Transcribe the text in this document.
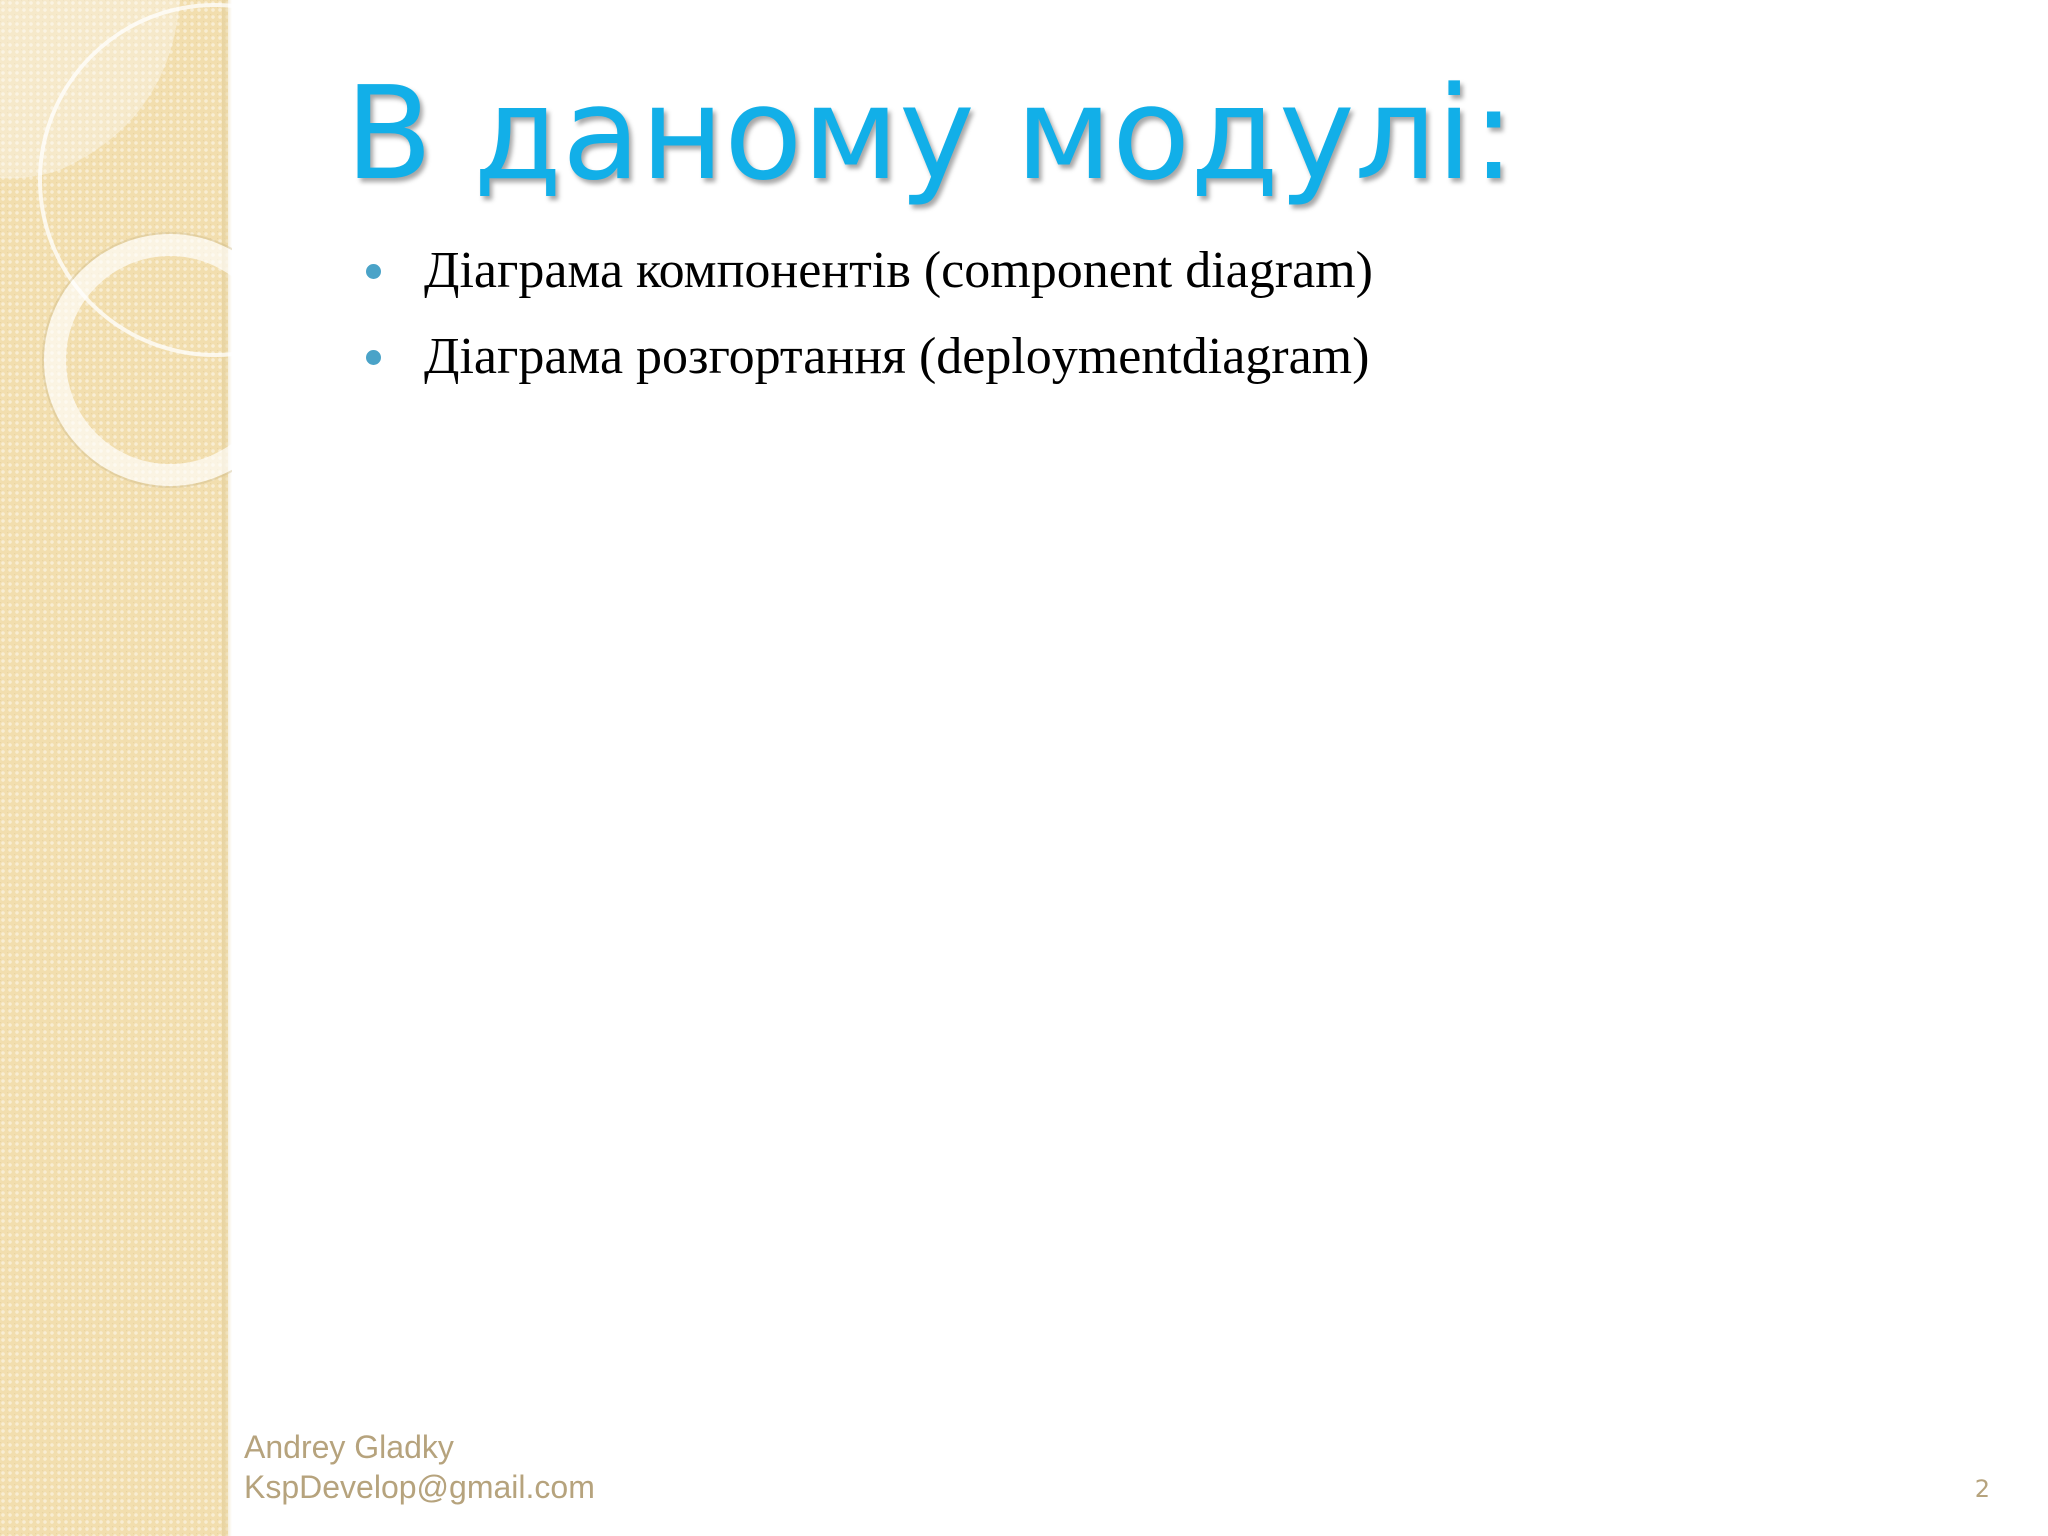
В даному модулі:
Діаграма компонентів (component diagram)
Діаграма розгортання (deploymentdiagram)
Andrey Gladky
KspDevelop@gmail.com	2
